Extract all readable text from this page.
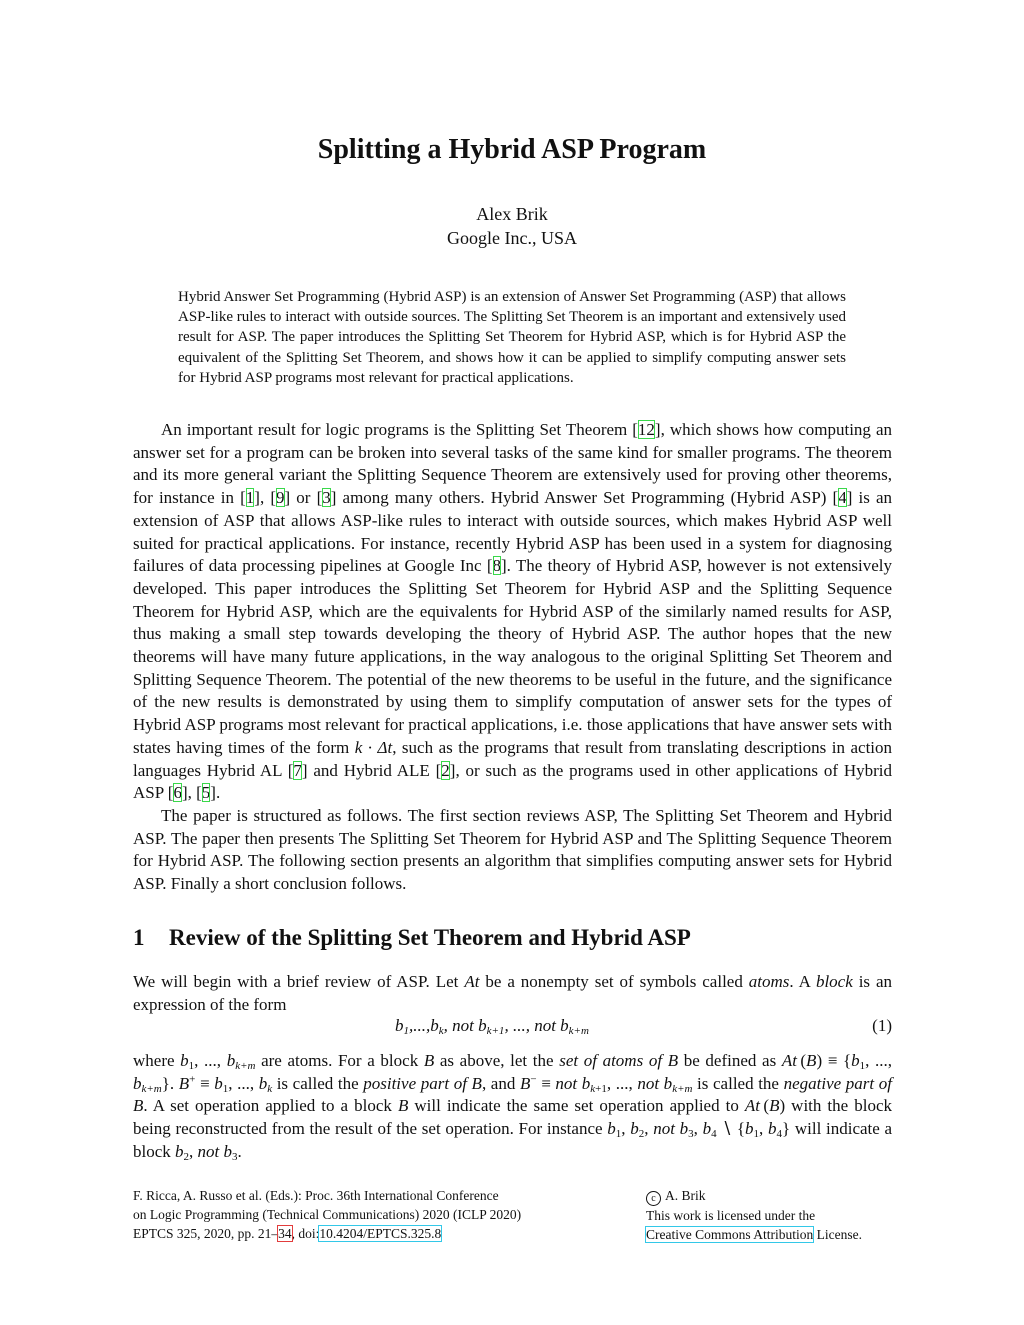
Splitting a Hybrid ASP Program
Alex Brik
Google Inc., USA
Hybrid Answer Set Programming (Hybrid ASP) is an extension of Answer Set Programming (ASP) that allows ASP-like rules to interact with outside sources. The Splitting Set Theorem is an important and extensively used result for ASP. The paper introduces the Splitting Set Theorem for Hybrid ASP, which is for Hybrid ASP the equivalent of the Splitting Set Theorem, and shows how it can be applied to simplify computing answer sets for Hybrid ASP programs most relevant for practical applications.

An important result for logic programs is the Splitting Set Theorem [12], which shows how computing an answer set for a program can be broken into several tasks of the same kind for smaller programs. The theorem and its more general variant the Splitting Sequence Theorem are extensively used for proving other theorems, for instance in [1], [9] or [3] among many others. Hybrid Answer Set Programming (Hybrid ASP) [4] is an extension of ASP that allows ASP-like rules to interact with outside sources, which makes Hybrid ASP well suited for practical applications. For instance, recently Hybrid ASP has been used in a system for diagnosing failures of data processing pipelines at Google Inc [8]. The theory of Hybrid ASP, however is not extensively developed. This paper introduces the Splitting Set Theorem for Hybrid ASP and the Splitting Sequence Theorem for Hybrid ASP, which are the equivalents for Hybrid ASP of the similarly named results for ASP, thus making a small step towards developing the theory of Hybrid ASP. The author hopes that the new theorems will have many future applications, in the way analogous to the original Splitting Set Theorem and Splitting Sequence Theorem. The potential of the new theorems to be useful in the future, and the significance of the new results is demonstrated by using them to simplify computation of answer sets for the types of Hybrid ASP programs most relevant for practical applications, i.e. those applications that have answer sets with states having times of the form k · Δt, such as the programs that result from translating descriptions in action languages Hybrid AL [7] and Hybrid ALE [2], or such as the programs used in other applications of Hybrid ASP [6], [5].

The paper is structured as follows. The first section reviews ASP, The Splitting Set Theorem and Hybrid ASP. The paper then presents The Splitting Set Theorem for Hybrid ASP and The Splitting Sequence Theorem for Hybrid ASP. The following section presents an algorithm that simplifies computing answer sets for Hybrid ASP. Finally a short conclusion follows.

1 Review of the Splitting Set Theorem and Hybrid ASP

We will begin with a brief review of ASP. Let At be a nonempty set of symbols called atoms. A block is an expression of the form

$b_1,...,b_k$, not $b_{k+1}$, ..., not $b_{k+m}$	(1)

where $b_1$, ..., $b_{k+m}$ are atoms. For a block B as above, let the set of atoms of B be defined as At $(B) \equiv \{b_1$, ..., $b_{k+m}$}. $B^+ \equiv b_1$, ..., $b_k$ is called the positive part of B, and B− ≡ not $b_{k+1}$, ..., not $b_{k+m}$ is called the negative part of B. A set operation applied to a block B will indicate the same set operation applied to At (B) with the block being reconstructed from the result of the set operation. For instance $b_1$, $b_2$, not $b_3$, $b_4$ ∖ {$b_1$, $b_4$} will indicate a block $b_2$, not $b_3$.

F. Ricca, A. Russo et al. (Eds.): Proc. 36th International Conference
on Logic Programming (Technical Communications) 2020 (ICLP 2020)
EPTCS 325, 2020, pp. 21–34, doi:10.4204/EPTCS.325.8
c A. Brik
This work is licensed under the
Creative Commons Attribution License.
